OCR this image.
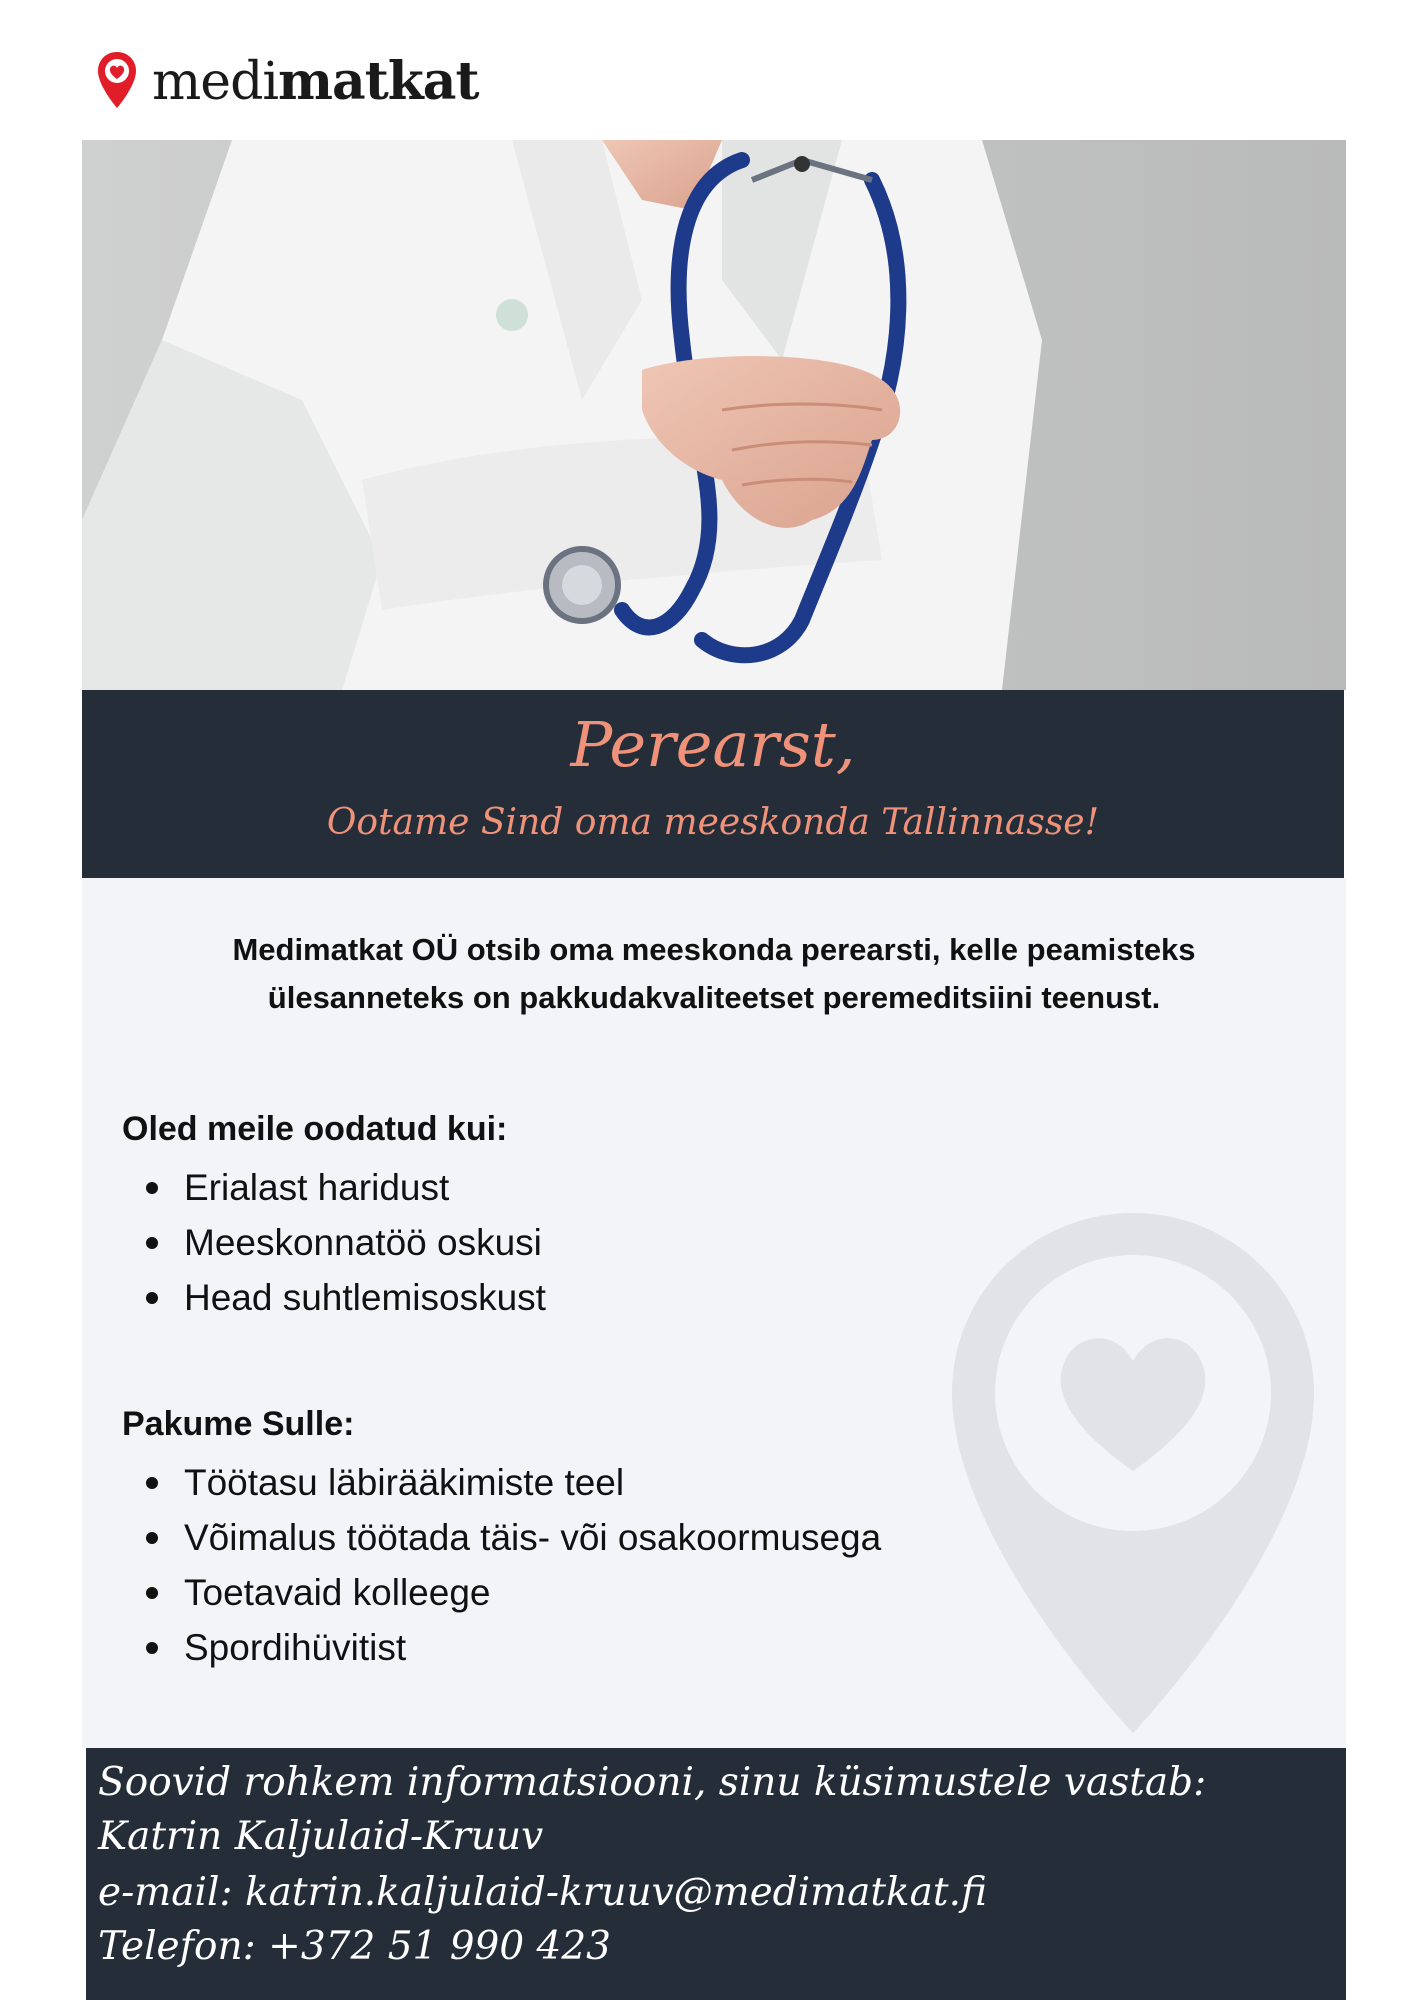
medimatkat
Perearst,
Ootame Sind oma meeskonda Tallinnasse!
Medimatkat OÜ otsib oma meeskonda perearsti, kelle peamisteks
ülesanneteks on pakkudakvaliteetset peremeditsiini teenust.
Oled meile oodatud kui:
Erialast haridust
Meeskonnatöö oskusi
Head suhtlemisoskust
Pakume Sulle:
Töötasu läbirääkimiste teel
Võimalus töötada täis- või osakoormusega
Toetavaid kolleege
Spordihüvitist
Soovid rohkem informatsiooni, sinu küsimustele vastab:
Katrin Kaljulaid-Kruuv
e-mail: katrin.kaljulaid-kruuv@medimatkat.fi
Telefon: +372 51 990 423
